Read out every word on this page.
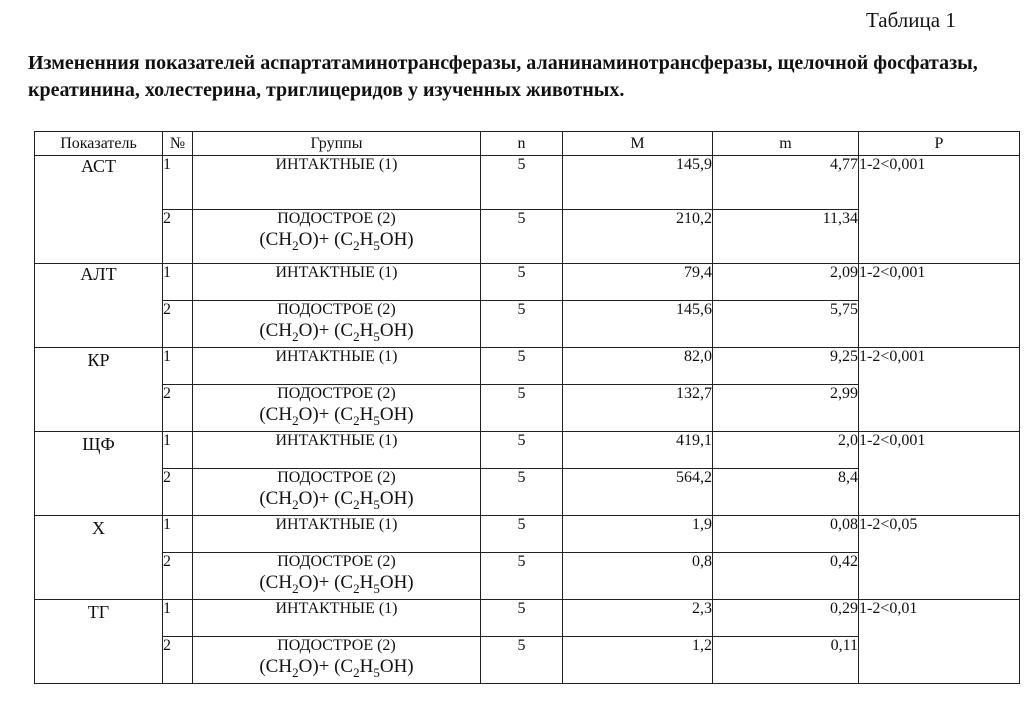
Таблица 1
Измененния показателей аспартатаминотрансферазы, аланинаминотрансферазы, щелочной фосфатазы, креатинина, холестерина, триглицеридов у изученных животных.
Показатель	№	Группы	n	М	m	Р
АСТ	1	ИНТАКТНЫЕ (1)	5	145,9	4,77	1-2<0,001
	2	ПОДОСТРОЕ (2)
$(CH_2O)+ (C_2H_5OH)$	5	210,2	11,34	
АЛТ	1	ИНТАКТНЫЕ (1)	5	79,4	2,09	1-2<0,001
	2	ПОДОСТРОЕ (2)
$(CH_2O)+ (C_2H_5OH)$	5	145,6	5,75	
КР	1	ИНТАКТНЫЕ (1)	5	82,0	9,25	1-2<0,001
	2	ПОДОСТРОЕ (2)
$(CH_2O)+ (C_2H_5OH)$	5	132,7	2,99	
ЩФ	1	ИНТАКТНЫЕ (1)	5	419,1	2,0	1-2<0,001
	2	ПОДОСТРОЕ (2)
$(CH_2O)+ (C_2H_5OH)$	5	564,2	8,4	
Х	1	ИНТАКТНЫЕ (1)	5	1,9	0,08	1-2<0,05
	2	ПОДОСТРОЕ (2)
$(CH_2O)+ (C_2H_5OH)$	5	0,8	0,42	
ТГ	1	ИНТАКТНЫЕ (1)	5	2,3	0,29	1-2<0,01
	2	ПОДОСТРОЕ (2)
$(CH_2O)+ (C_2H_5OH)$	5	1,2	0,11	
